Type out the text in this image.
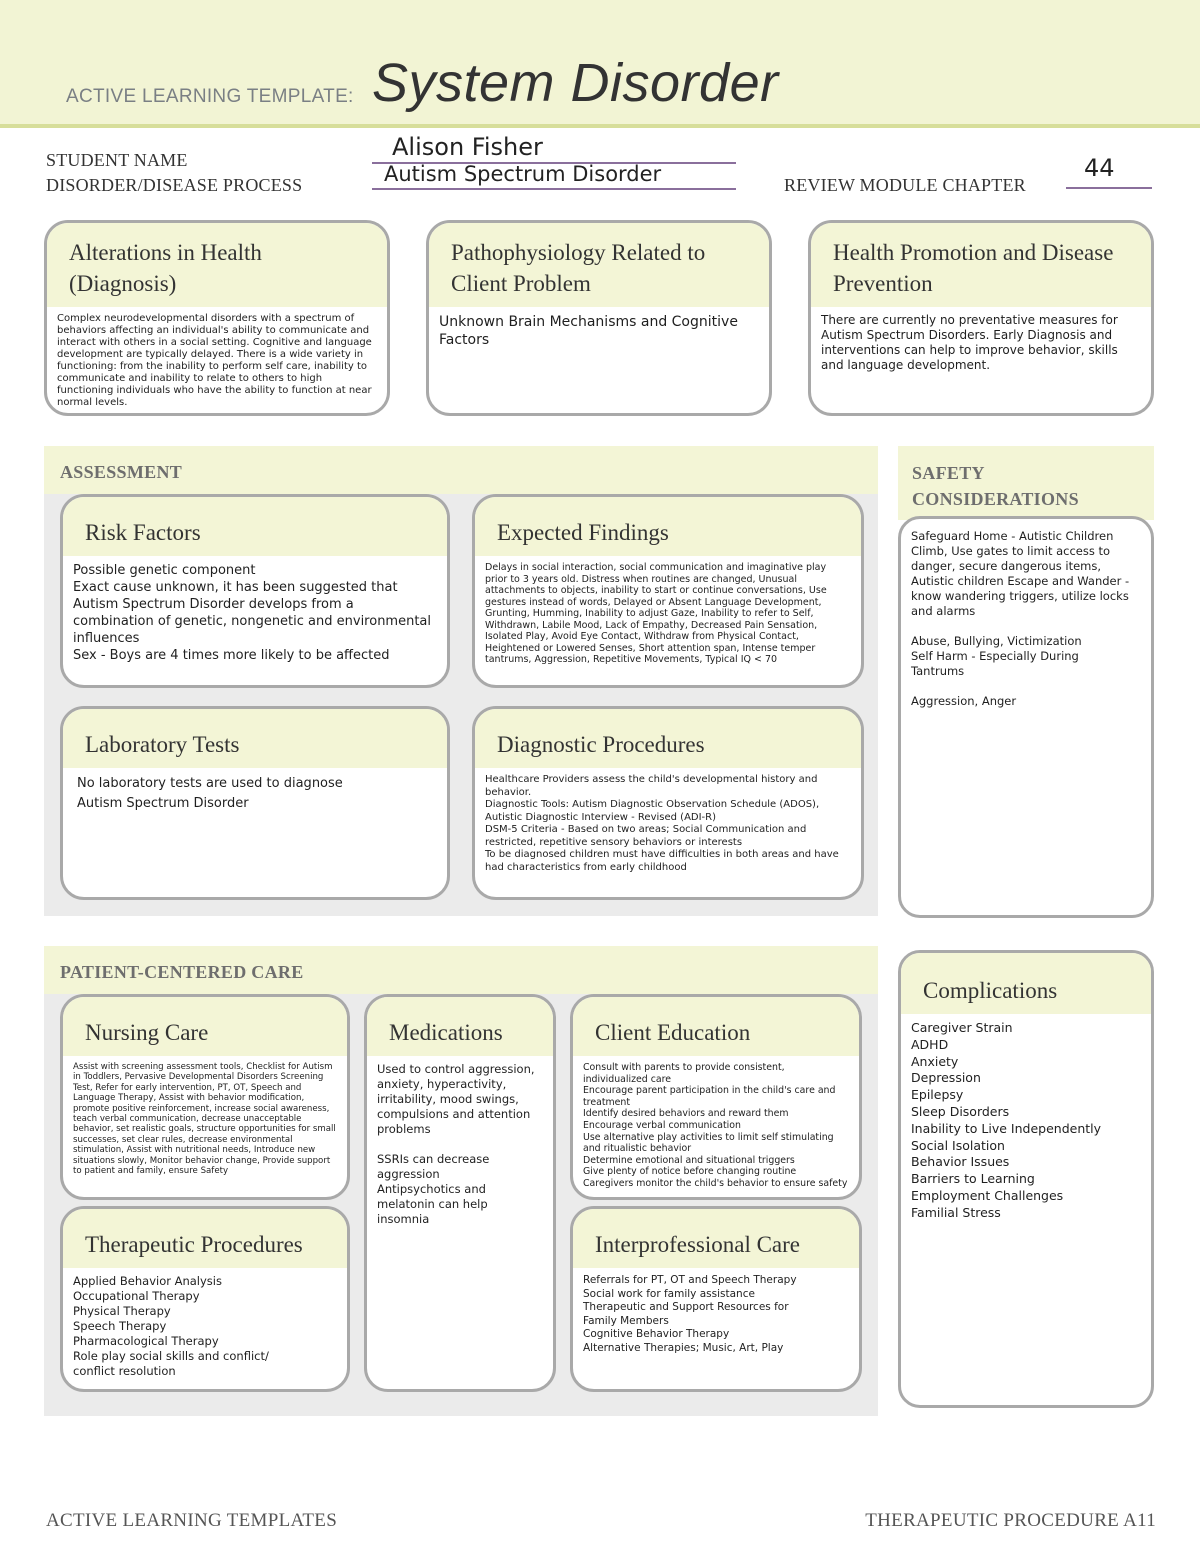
ACTIVE LEARNING TEMPLATE: System Disorder
STUDENT NAME
DISORDER/DISEASE PROCESS
Alison Fisher
Autism Spectrum Disorder	REVIEW MODULE CHAPTER
44
Alterations in Health (Diagnosis)
Complex neurodevelopmental disorders with a spectrum of behaviors affecting an individual's ability to communicate and interact with others in a social setting. Cognitive and language development are typically delayed. There is a wide variety in functioning: from the inability to perform self care, inability to communicate and inability to relate to others to high functioning individuals who have the ability to function at near normal levels.
Pathophysiology Related to Client Problem
Unknown Brain Mechanisms and Cognitive Factors
Health Promotion and Disease Prevention
There are currently no preventative measures for Autism Spectrum Disorders. Early Diagnosis and interventions can help to improve behavior, skills and language development.
ASSESSMENT
Risk Factors
Possible genetic component
Exact cause unknown, it has been suggested that Autism Spectrum Disorder develops from a combination of genetic, nongenetic and environmental influences
Sex - Boys are 4 times more likely to be affected
Expected Findings
Delays in social interaction, social communication and imaginative play prior to 3 years old. Distress when routines are changed, Unusual attachments to objects, inability to start or continue conversations, Use gestures instead of words, Delayed or Absent Language Development, Grunting, Humming, Inability to adjust Gaze, Inability to refer to Self, Withdrawn, Labile Mood, Lack of Empathy, Decreased Pain Sensation, Isolated Play, Avoid Eye Contact, Withdraw from Physical Contact, Heightened or Lowered Senses, Short attention span, Intense temper tantrums, Aggression, Repetitive Movements, Typical IQ < 70
Laboratory Tests
No laboratory tests are used to diagnose
Autism Spectrum Disorder
Diagnostic Procedures
Healthcare Providers assess the child's developmental history and behavior.
Diagnostic Tools: Autism Diagnostic Observation Schedule (ADOS), Autistic Diagnostic Interview - Revised (ADI-R)
DSM-5 Criteria - Based on two areas; Social Communication and restricted, repetitive sensory behaviors or interests
To be diagnosed children must have difficulties in both areas and have had characteristics from early childhood
SAFETY CONSIDERATIONS
Safeguard Home - Autistic Children Climb, Use gates to limit access to danger, secure dangerous items, Autistic children Escape and Wander - know wandering triggers, utilize locks and alarms

Abuse, Bullying, Victimization
Self Harm - Especially During
Tantrums

Aggression, Anger
PATIENT-CENTERED CARE
Nursing Care
Assist with screening assessment tools, Checklist for Autism in Toddlers, Pervasive Developmental Disorders Screening Test, Refer for early intervention, PT, OT, Speech and Language Therapy, Assist with behavior modification, promote positive reinforcement, increase social awareness, teach verbal communication, decrease unacceptable behavior, set realistic goals, structure opportunities for small successes, set clear rules, decrease environmental stimulation, Assist with nutritional needs, Introduce new situations slowly, Monitor behavior change, Provide support to patient and family, ensure Safety
Medications
Used to control aggression, anxiety, hyperactivity, irritability, mood swings, compulsions and attention problems

SSRIs can decrease aggression
Antipsychotics and melatonin can help insomnia
Client Education
Consult with parents to provide consistent, individualized care
Encourage parent participation in the child's care and treatment
Identify desired behaviors and reward them
Encourage verbal communication
Use alternative play activities to limit self stimulating and ritualistic behavior
Determine emotional and situational triggers
Give plenty of notice before changing routine
Caregivers monitor the child's behavior to ensure safety
Therapeutic Procedures
Applied Behavior Analysis
Occupational Therapy
Physical Therapy
Speech Therapy
Pharmacological Therapy
Role play social skills and conflict/
conflict resolution
Interprofessional Care
Referrals for PT, OT and Speech Therapy
Social work for family assistance
Therapeutic and Support Resources for
Family Members
Cognitive Behavior Therapy
Alternative Therapies; Music, Art, Play
Complications
Caregiver Strain
ADHD
Anxiety
Depression
Epilepsy
Sleep Disorders
Inability to Live Independently
Social Isolation
Behavior Issues
Barriers to Learning
Employment Challenges
Familial Stress
ACTIVE LEARNING TEMPLATES	THERAPEUTIC PROCEDURE A11
